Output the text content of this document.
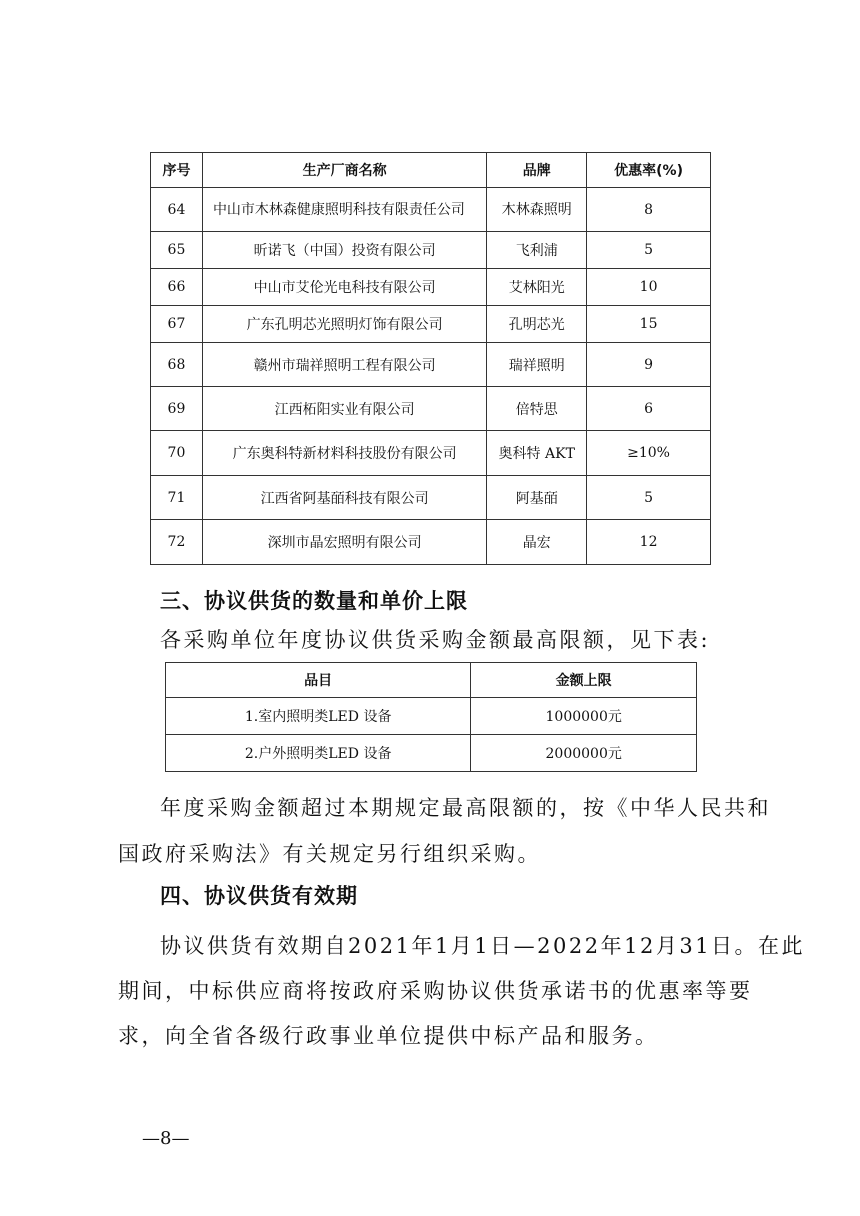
序号	生产厂商名称	品牌	优惠率(%)
64	中山市木林森健康照明科技有限责任公司	木林森照明	8
65	昕诺飞（中国）投资有限公司	飞利浦	5
66	中山市艾伦光电科技有限公司	艾林阳光	10
67	广东孔明芯光照明灯饰有限公司	孔明芯光	15
68	赣州市瑞祥照明工程有限公司	瑞祥照明	9
69	江西柘阳实业有限公司	倍特思	6
70	广东奥科特新材料科技股份有限公司	奥科特 AKT	≥10%
71	江西省阿基皕科技有限公司	阿基皕	5
72	深圳市晶宏照明有限公司	晶宏	12
三、协议供货的数量和单价上限
各采购单位年度协议供货采购金额最高限额，见下表:
品目	金额上限
1.室内照明类LED 设备	1000000元
2.户外照明类LED 设备	2000000元
年度采购金额超过本期规定最高限额的，按《中华人民共和
国政府采购法》有关规定另行组织采购。
四、协议供货有效期
协议供货有效期自2021年1月1日—2022年12月31日。在此
期间，中标供应商将按政府采购协议供货承诺书的优惠率等要
求，向全省各级行政事业单位提供中标产品和服务。
—8—
